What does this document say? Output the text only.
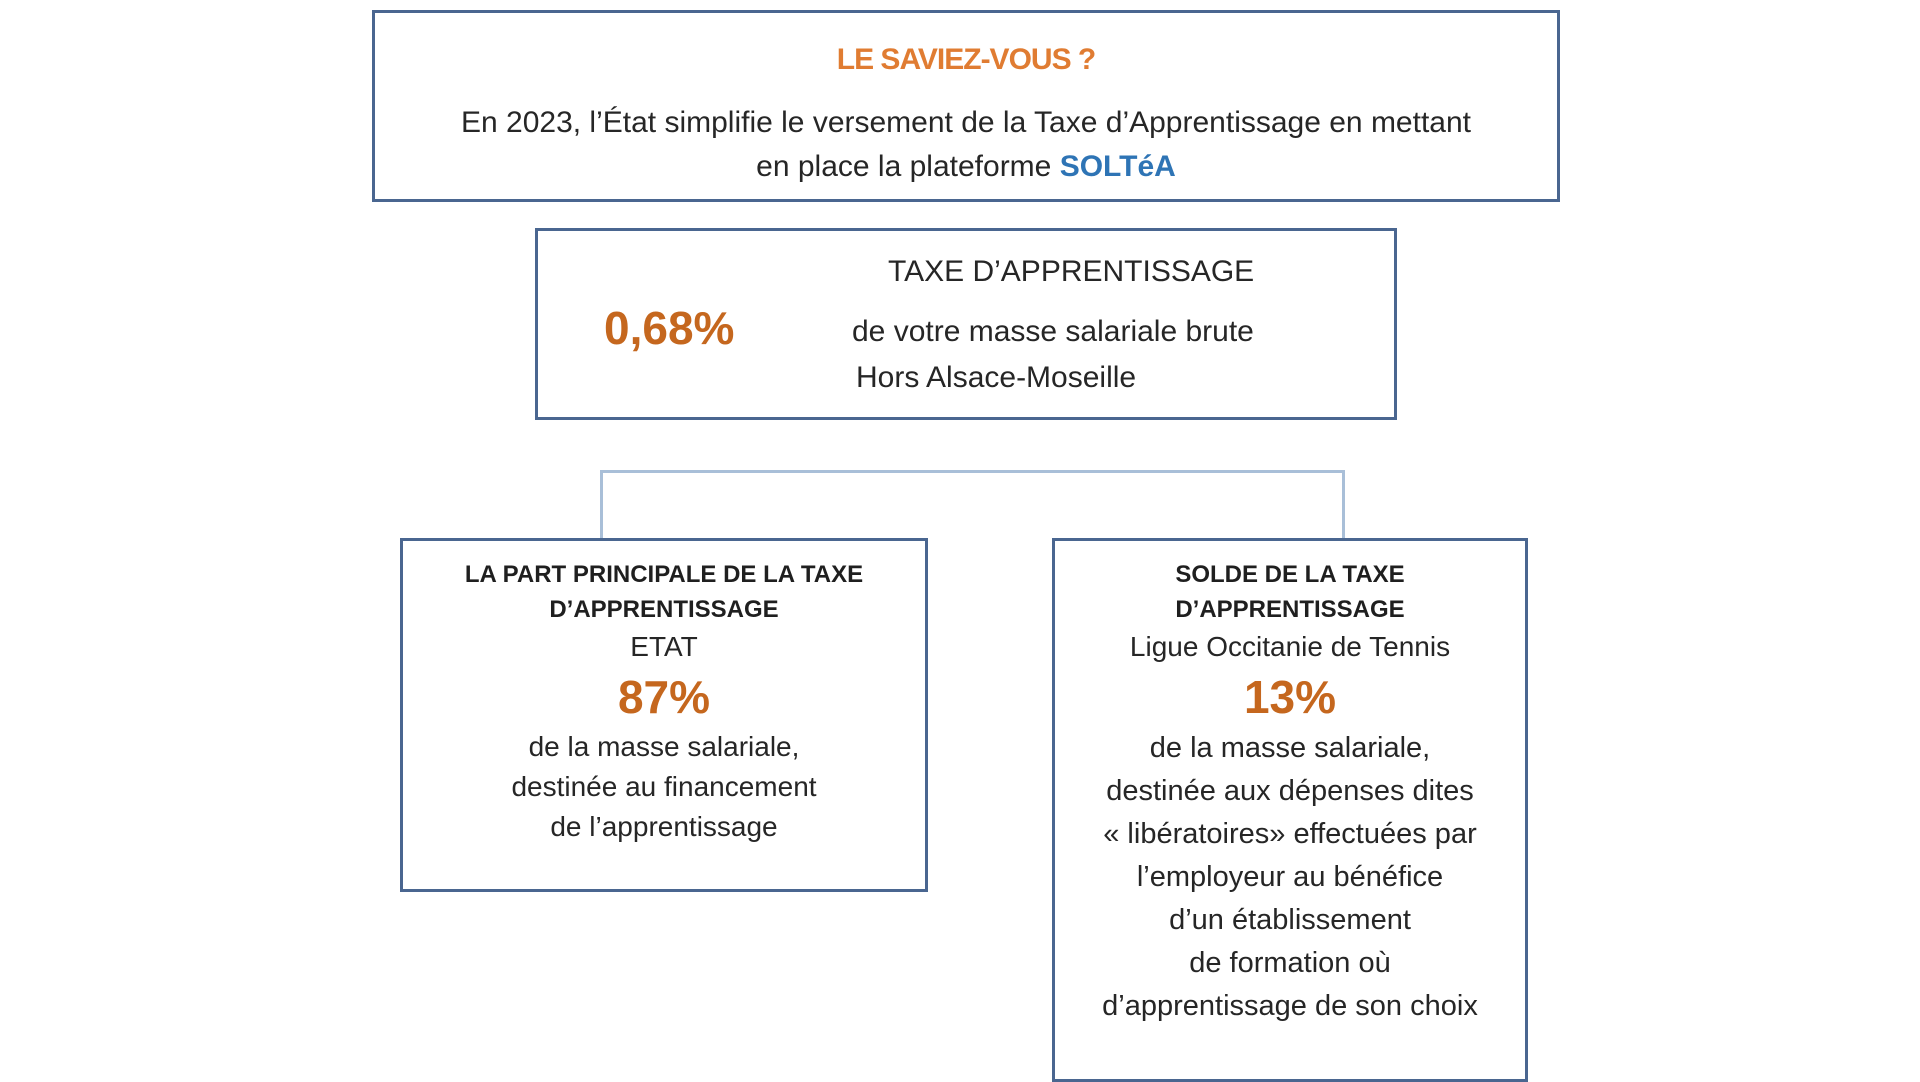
LE SAVIEZ-VOUS ?
En 2023, l’État simplifie le versement de la Taxe d’Apprentissage en mettant
en place la plateforme SOLTéA
0,68%
TAXE D’APPRENTISSAGE
de votre masse salariale brute
Hors Alsace-Moseille
LA PART PRINCIPALE DE LA TAXE
D’APPRENTISSAGE
ETAT
87%
de la masse salariale,
destinée au financement
de l’apprentissage
SOLDE DE LA TAXE
D’APPRENTISSAGE
Ligue Occitanie de Tennis
13%
de la masse salariale,
destinée aux dépenses dites
« libératoires» effectuées par
l’employeur au bénéfice
d’un établissement
de formation où
d’apprentissage de son choix
